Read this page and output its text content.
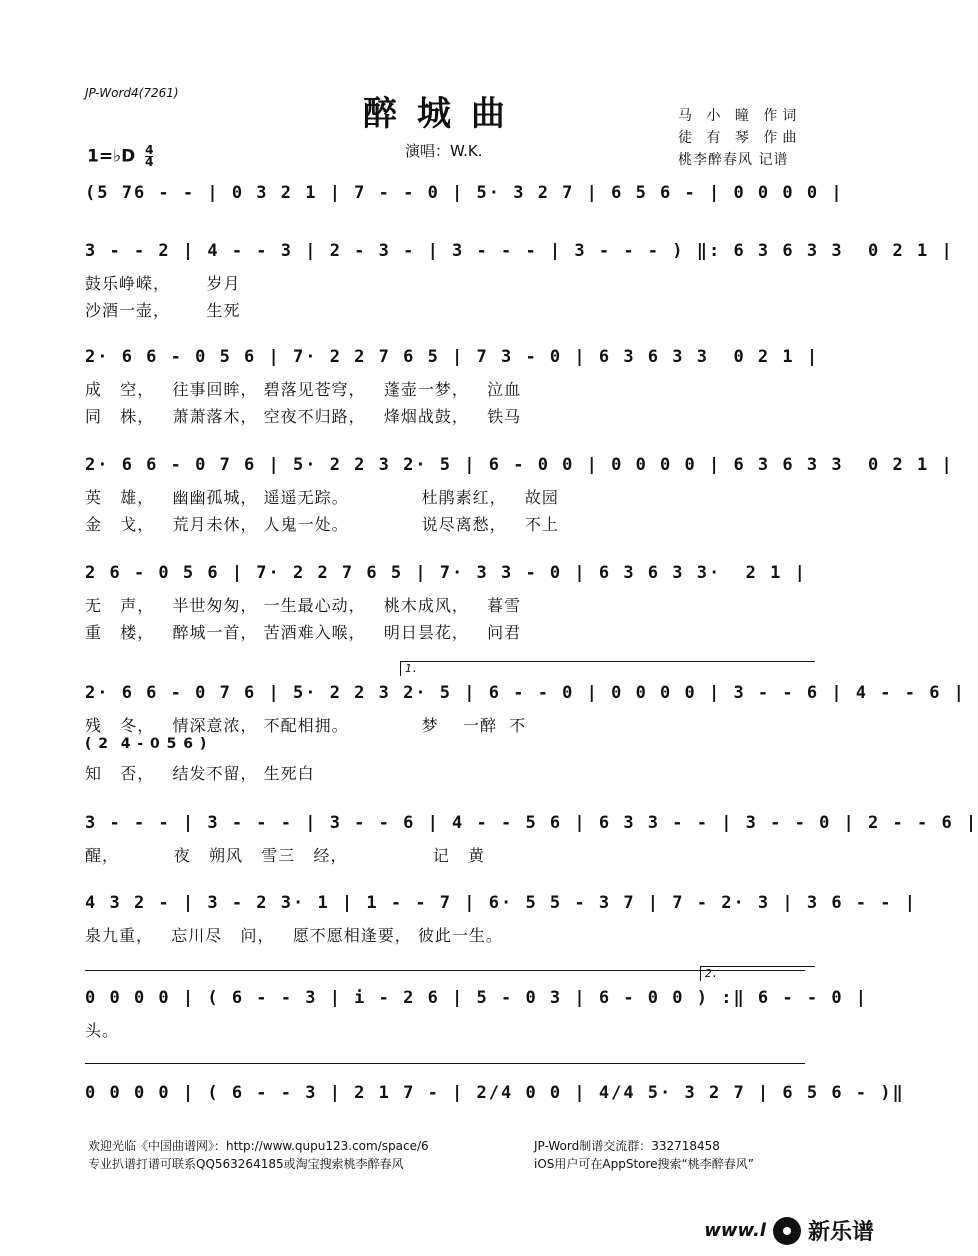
JP-Word4(7261)
醉城曲	马 小 瞳 作词
徒 有 琴 作曲
桃李醉春风 记谱
1=♭D $\frac{4}{4}$	演唱：W.K.
(5 76 - - | 0 3 2 1 | 7 - - 0 | 5· 3 2 7 | 6 5 6 - | 0 0 0 0 |
3 - - 2 | 4 - - 3 | 2 - 3 - | 3 - - - | 3 - - - ) ‖: 6 3 6 3 3  0 2 1 |
鼓乐峥嵘，      岁月
沙酒一壶，      生死
2· 6 6 - 0 5 6 | 7· 2 2 7 6 5 | 7 3 - 0 | 6 3 6 3 3  0 2 1 |
成   空，   往事回眸， 碧落见苍穹，   蓬壶一梦，   泣血
同   株，   萧萧落木， 空夜不归路，   烽烟战鼓，   铁马
2· 6 6 - 0 7 6 | 5· 2 2 3 2· 5 | 6 - 0 0 | 0 0 0 0 | 6 3 6 3 3  0 2 1 |
英   雄，   幽幽孤城， 遥遥无踪。            杜鹃素红，   故园
金   戈，   荒月未休， 人鬼一处。            说尽离愁，   不上
2 6 - 0 5 6 | 7· 2 2 7 6 5 | 7· 3 3 - 0 | 6 3 6 3 3·  2 1 |
无   声，   半世匆匆， 一生最心动，   桃木成风，   暮雪
重   楼，   醉城一首， 苦酒难入喉，   明日昙花，   问君
2· 6 6 - 0 7 6 | 5· 2 2 3 2· 5 | 6 - - 0 | 0 0 0 0 | 3 - - 6 | 4 - - 6 |
1.
残   冬，   情深意浓， 不配相拥。            梦    一醉  不
( 2  4 - 0 5 6 )
知   否，   结发不留， 生死白
3 - - - | 3 - - - | 3 - - 6 | 4 - - 5 6 | 6 3 3 - - | 3 - - 0 | 2 - - 6 |
醒，         夜   朔风   雪三   经，              记   黄
4 3 2 - | 3 - 2 3· 1 | 1 - - 7 | 6· 5 5 - 3 7 | 7 - 2· 3 | 3 6 - - |
泉九重，   忘川尽   问，   愿不愿相逢要， 彼此一生。
0 0 0 0 | ( 6 - - 3 | i - 2 6 | 5 - 0 3 | 6 - 0 0 ) :‖ 6 - - 0 |
2.
头。
0 0 0 0 | ( 6 - - 3 | 2 1 7 - | 2/4 0 0 | 4/4 5· 3 2 7 | 6 5 6 - )‖
欢迎光临《中国曲谱网》：http://www.qupu123.com/space/6
专业扒谱打谱可联系QQ563264185或淘宝搜索桃李醉春风
JP-Word制谱交流群：332718458
iOS用户可在AppStore搜索“桃李醉春风”
www.l 新乐谱
